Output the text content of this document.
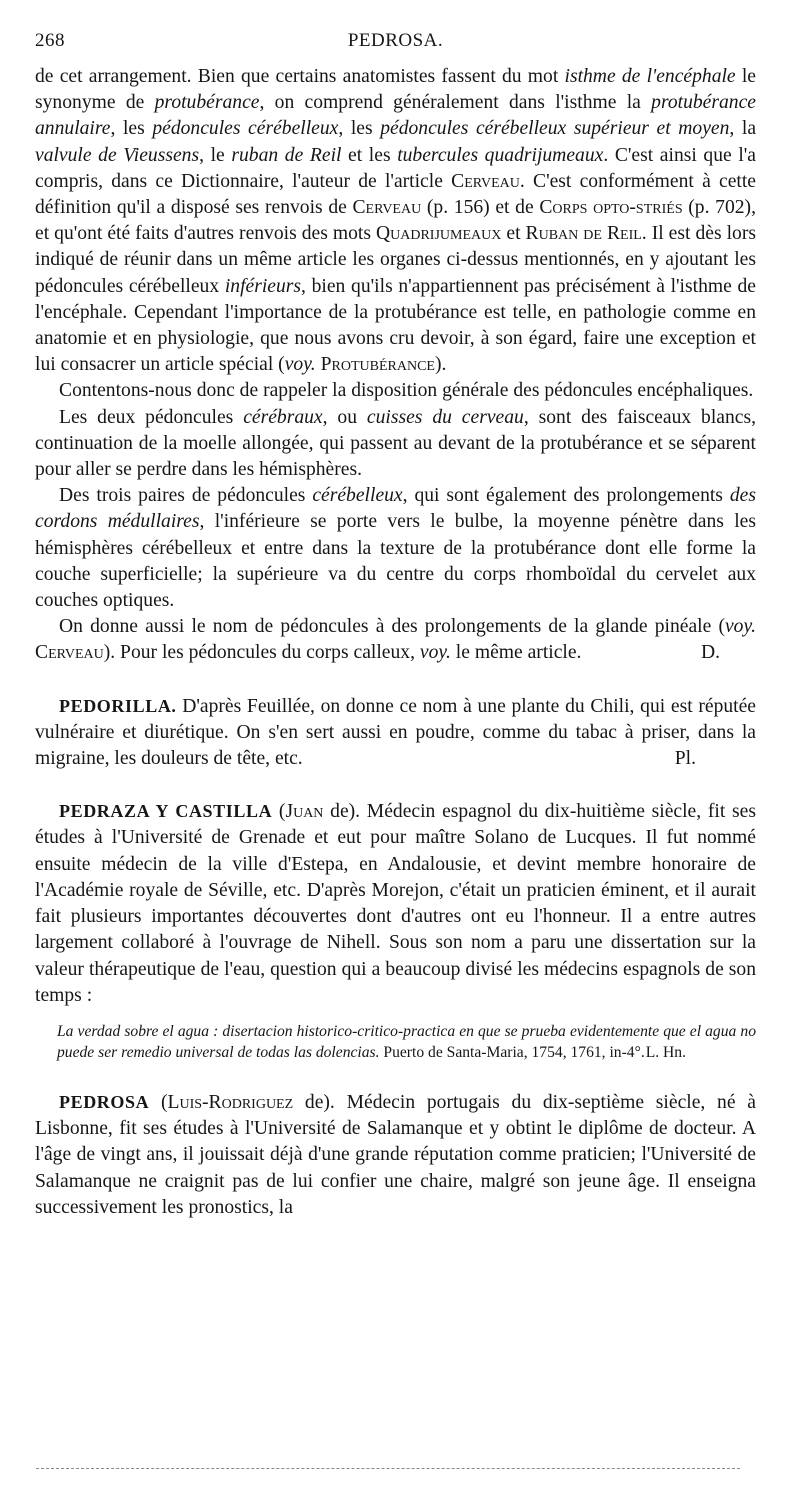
268	PEDROSA.

de cet arrangement. Bien que certains anatomistes fassent du mot isthme de l'encéphale le synonyme de protubérance, on comprend généralement dans l'isthme la protubérance annulaire, les pédoncules cérébelleux, les pédoncules cérébelleux supérieur et moyen, la valvule de Vieussens, le ruban de Reil et les tubercules quadrijumeaux. C'est ainsi que l'a compris, dans ce Dictionnaire, l'auteur de l'article Cerveau. C'est conformément à cette définition qu'il a disposé ses renvois de Cerveau (p. 156) et de Corps opto-striés (p. 702), et qu'ont été faits d'autres renvois des mots Quadrijumeaux et Ruban de Reil. Il est dès lors indiqué de réunir dans un même article les organes ci-dessus mentionnés, en y ajoutant les pédoncules cérébelleux inférieurs, bien qu'ils n'appartiennent pas précisément à l'isthme de l'encéphale. Cependant l'importance de la protubérance est telle, en pathologie comme en anatomie et en physiologie, que nous avons cru devoir, à son égard, faire une exception et lui consacrer un article spécial (voy. Protubérance).

Contentons-nous donc de rappeler la disposition générale des pédoncules encéphaliques.

Les deux pédoncules cérébraux, ou cuisses du cerveau, sont des faisceaux blancs, continuation de la moelle allongée, qui passent au devant de la protubérance et se séparent pour aller se perdre dans les hémisphères.

Des trois paires de pédoncules cérébelleux, qui sont également des prolongements des cordons médullaires, l'inférieure se porte vers le bulbe, la moyenne pénètre dans les hémisphères cérébelleux et entre dans la texture de la protubérance dont elle forme la couche superficielle; la supérieure va du centre du corps rhomboïdal du cervelet aux couches optiques.

On donne aussi le nom de pédoncules à des prolongements de la glande pinéale (voy. Cerveau). Pour les pédoncules du corps calleux, voy. le même article.	D.

PEDORILLA. D'après Feuillée, on donne ce nom à une plante du Chili, qui est réputée vulnéraire et diurétique. On s'en sert aussi en poudre, comme du tabac à priser, dans la migraine, les douleurs de tête, etc.	Pl.

PEDRAZA Y CASTILLA (Juan de). Médecin espagnol du dix-huitième siècle, fit ses études à l'Université de Grenade et eut pour maître Solano de Lucques. Il fut nommé ensuite médecin de la ville d'Estepa, en Andalousie, et devint membre honoraire de l'Académie royale de Séville, etc. D'après Morejon, c'était un praticien éminent, et il aurait fait plusieurs importantes découvertes dont d'autres ont eu l'honneur. Il a entre autres largement collaboré à l'ouvrage de Nihell. Sous son nom a paru une dissertation sur la valeur thérapeutique de l'eau, question qui a beaucoup divisé les médecins espagnols de son temps :

La verdad sobre el agua : disertacion historico-critico-practica en que se prueba evidentemente que el agua no puede ser remedio universal de todas las dolencias. Puerto de Santa-Maria, 1754, 1761, in-4°. L. Hn.

PEDROSA (Luis-Rodriguez de). Médecin portugais du dix-septième siècle, né à Lisbonne, fit ses études à l'Université de Salamanque et y obtint le diplôme de docteur. A l'âge de vingt ans, il jouissait déjà d'une grande réputation comme praticien; l'Université de Salamanque ne craignit pas de lui confier une chaire, malgré son jeune âge. Il enseigna successivement les pronostics, la
